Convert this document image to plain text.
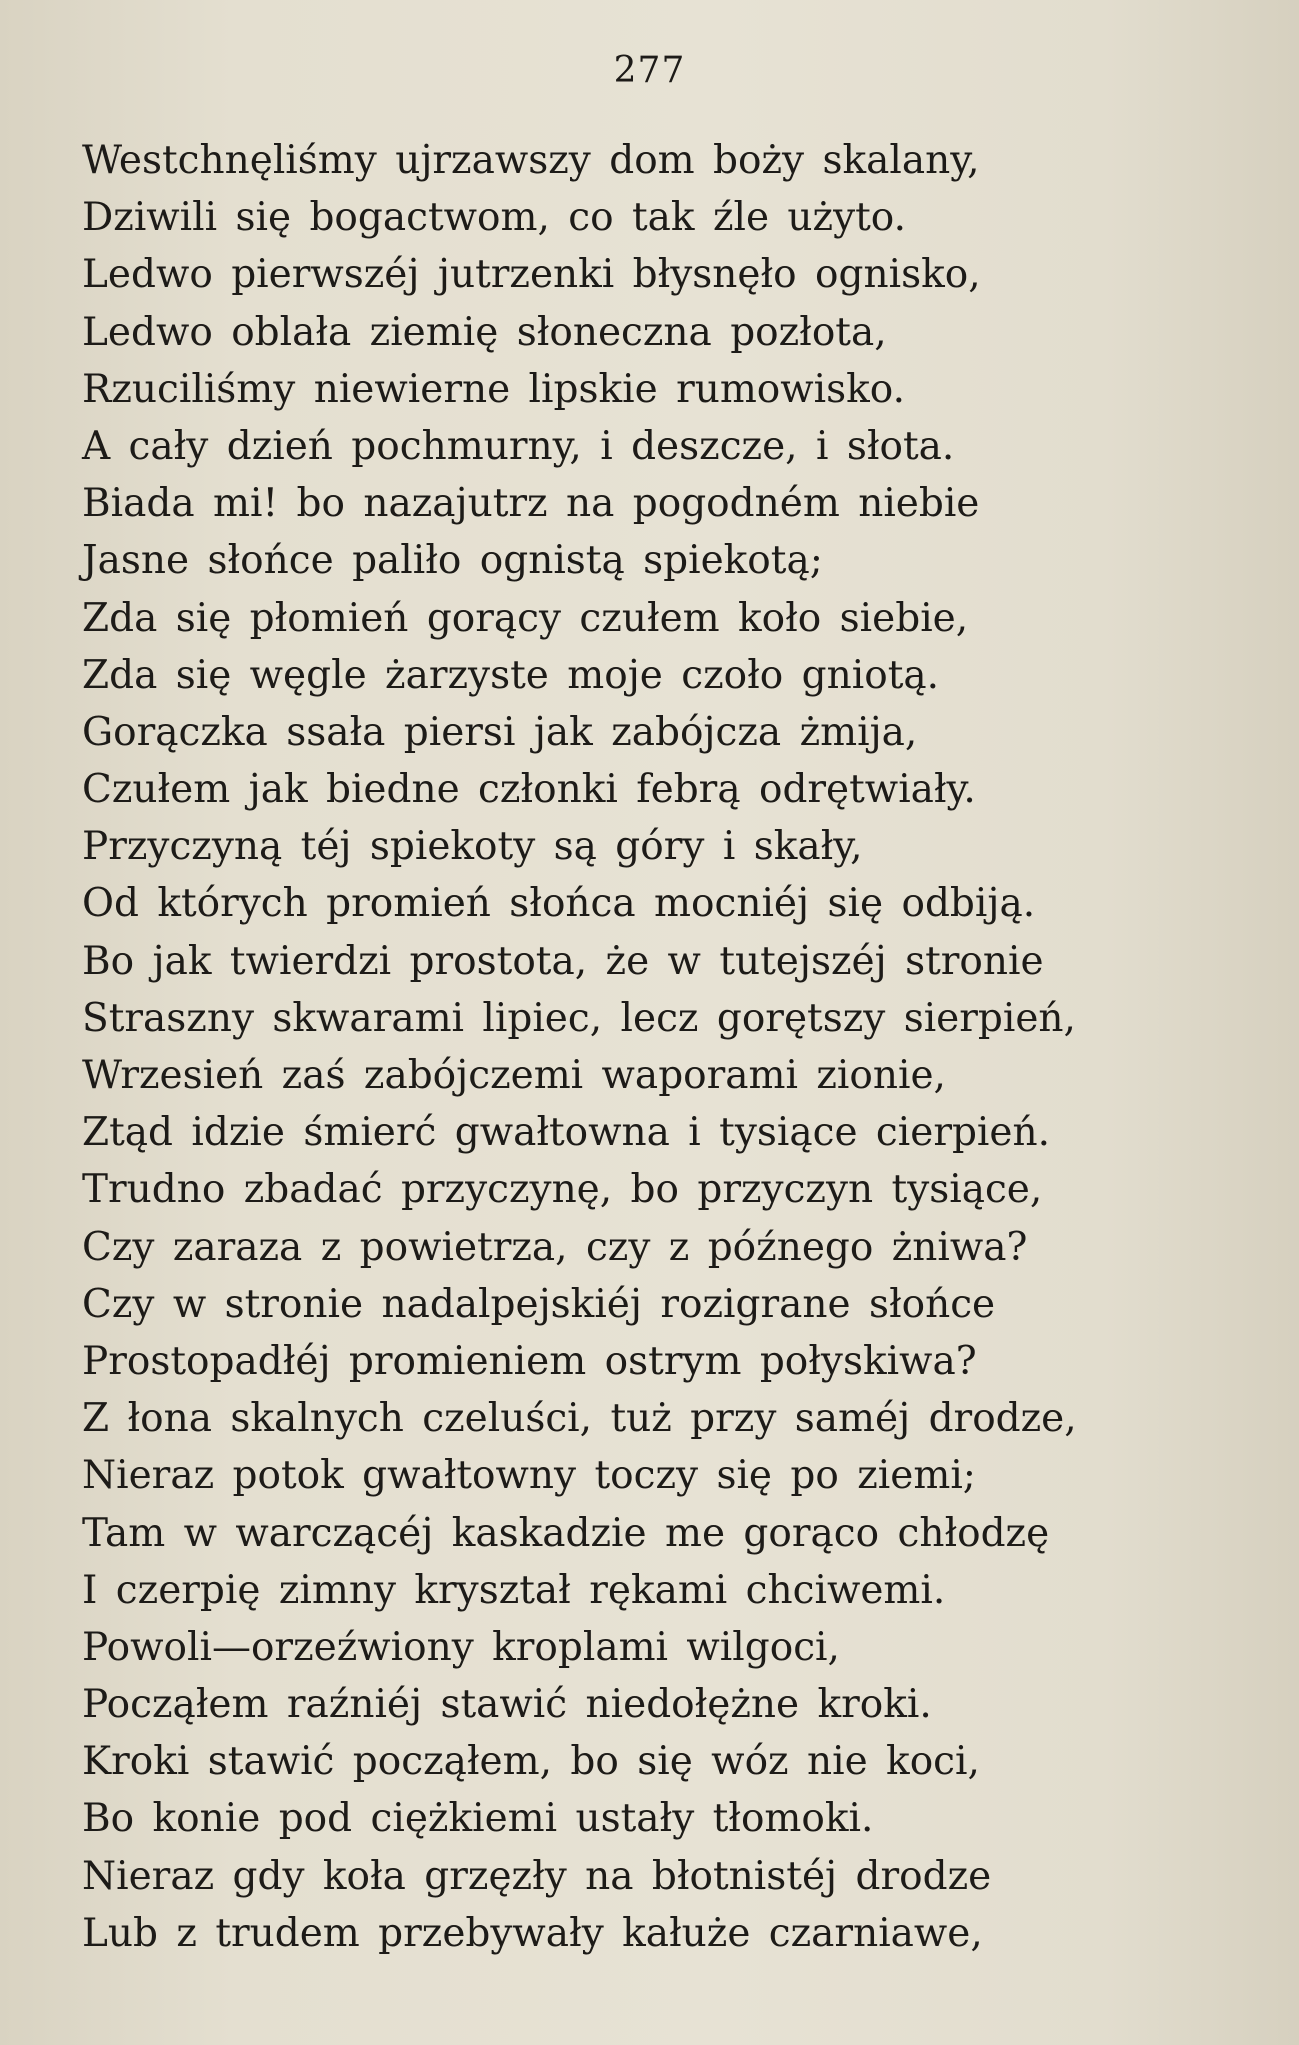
277
Westchnęliśmy ujrzawszy dom boży skalany,
Dziwili się bogactwom, co tak źle użyto.
Ledwo pierwszéj jutrzenki błysnęło ognisko,
Ledwo oblała ziemię słoneczna pozłota,
Rzuciliśmy niewierne lipskie rumowisko.
A cały dzień pochmurny, i deszcze, i słota.
Biada mi! bo nazajutrz na pogodném niebie
Jasne słońce paliło ognistą spiekotą;
Zda się płomień gorący czułem koło siebie,
Zda się węgle żarzyste moje czoło gniotą.
Gorączka ssała piersi jak zabójcza żmija,
Czułem jak biedne członki febrą odrętwiały.
Przyczyną téj spiekoty są góry i skały,
Od których promień słońca mocniéj się odbiją.
Bo jak twierdzi prostota, że w tutejszéj stronie
Straszny skwarami lipiec, lecz gorętszy sierpień,
Wrzesień zaś zabójczemi waporami zionie,
Ztąd idzie śmierć gwałtowna i tysiące cierpień.
Trudno zbadać przyczynę, bo przyczyn tysiące,
Czy zaraza z powietrza, czy z późnego żniwa?
Czy w stronie nadalpejskiéj rozigrane słońce
Prostopadłéj promieniem ostrym połyskiwa?
Z łona skalnych czeluści, tuż przy saméj drodze,
Nieraz potok gwałtowny toczy się po ziemi;
Tam w warczącéj kaskadzie me gorąco chłodzę
I czerpię zimny kryształ rękami chciwemi.
Powoli—orzeźwiony kroplami wilgoci,
Począłem raźniéj stawić niedołężne kroki.
Kroki stawić począłem, bo się wóz nie koci,
Bo konie pod ciężkiemi ustały tłomoki.
Nieraz gdy koła grzęzły na błotnistéj drodze
Lub z trudem przebywały kałuże czarniawe,
